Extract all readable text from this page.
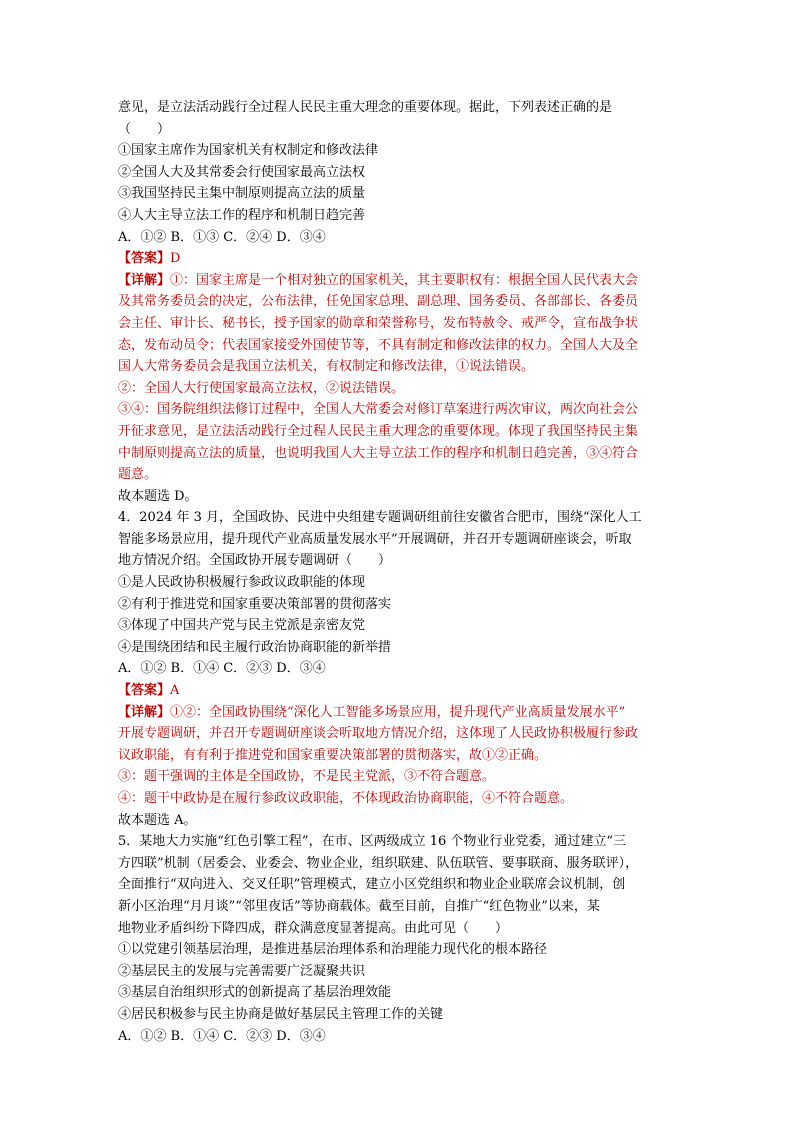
意见，是立法活动践行全过程人民民主重大理念的重要体现。据此，下列表述正确的是
（　　）
①国家主席作为国家机关有权制定和修改法律
②全国人大及其常委会行使国家最高立法权
③我国坚持民主集中制原则提高立法的质量
④人大主导立法工作的程序和机制日趋完善
A．①② B．①③ C．②④ D．③④
【答案】D
【详解】①：国家主席是一个相对独立的国家机关，其主要职权有：根据全国人民代表大会
及其常务委员会的决定，公布法律，任免国家总理、副总理、国务委员、各部部长、各委员
会主任、审计长、秘书长，授予国家的勋章和荣誉称号，发布特赦令、戒严令，宣布战争状
态，发布动员令；代表国家接受外国使节等，不具有制定和修改法律的权力。全国人大及全
国人大常务委员会是我国立法机关，有权制定和修改法律，①说法错误。
②：全国人大行使国家最高立法权，②说法错误。
③④：国务院组织法修订过程中，全国人大常委会对修订草案进行两次审议，两次向社会公
开征求意见，是立法活动践行全过程人民民主重大理念的重要体现。体现了我国坚持民主集
中制原则提高立法的质量，也说明我国人大主导立法工作的程序和机制日趋完善，③④符合
题意。
故本题选 D。
4．2024 年 3 月，全国政协、民进中央组建专题调研组前往安徽省合肥市，围绕“深化人工
智能多场景应用，提升现代产业高质量发展水平”开展调研，并召开专题调研座谈会，听取
地方情况介绍。全国政协开展专题调研（　　）
①是人民政协积极履行参政议政职能的体现
②有利于推进党和国家重要决策部署的贯彻落实
③体现了中国共产党与民主党派是亲密友党
④是围绕团结和民主履行政治协商职能的新举措
A．①② B．①④ C．②③ D．③④
【答案】A
【详解】①②：全国政协围绕“深化人工智能多场景应用，提升现代产业高质量发展水平”
开展专题调研，并召开专题调研座谈会听取地方情况介绍，这体现了人民政协积极履行参政
议政职能，有有利于推进党和国家重要决策部署的贯彻落实，故①②正确。
③：题干强调的主体是全国政协，不是民主党派，③不符合题意。
④：题干中政协是在履行参政议政职能，不体现政治协商职能，④不符合题意。
故本题选 A。
5．某地大力实施“红色引擎工程”，在市、区两级成立 16 个物业行业党委，通过建立“三
方四联”机制（居委会、业委会、物业企业，组织联建、队伍联管、要事联商、服务联评），
全面推行“双向进入、交叉任职”管理模式，建立小区党组织和物业企业联席会议机制，创
新小区治理“月月谈”“邻里夜话”等协商载体。截至目前，自推广“红色物业”以来，某
地物业矛盾纠纷下降四成，群众满意度显著提高。由此可见（　　）
①以党建引领基层治理，是推进基层治理体系和治理能力现代化的根本路径
②基层民主的发展与完善需要广泛凝聚共识
③基层自治组织形式的创新提高了基层治理效能
④居民积极参与民主协商是做好基层民主管理工作的关键
A．①② B．①④ C．②③ D．③④
